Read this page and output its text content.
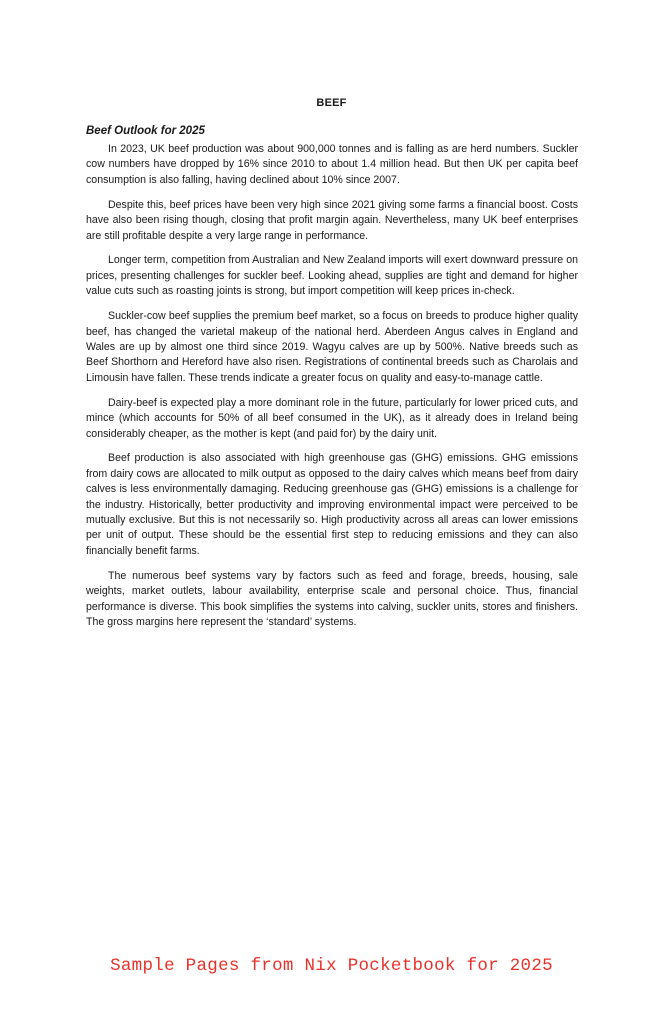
BEEF
Beef Outlook for 2025

In 2023, UK beef production was about 900,000 tonnes and is falling as are herd numbers. Suckler cow numbers have dropped by 16% since 2010 to about 1.4 million head. But then UK per capita beef consumption is also falling, having declined about 10% since 2007.

Despite this, beef prices have been very high since 2021 giving some farms a financial boost. Costs have also been rising though, closing that profit margin again. Nevertheless, many UK beef enterprises are still profitable despite a very large range in performance.

Longer term, competition from Australian and New Zealand imports will exert downward pressure on prices, presenting challenges for suckler beef. Looking ahead, supplies are tight and demand for higher value cuts such as roasting joints is strong, but import competition will keep prices in-check.

Suckler-cow beef supplies the premium beef market, so a focus on breeds to produce higher quality beef, has changed the varietal makeup of the national herd. Aberdeen Angus calves in England and Wales are up by almost one third since 2019. Wagyu calves are up by 500%. Native breeds such as Beef Shorthorn and Hereford have also risen. Registrations of continental breeds such as Charolais and Limousin have fallen. These trends indicate a greater focus on quality and easy-to-manage cattle.

Dairy-beef is expected play a more dominant role in the future, particularly for lower priced cuts, and mince (which accounts for 50% of all beef consumed in the UK), as it already does in Ireland being considerably cheaper, as the mother is kept (and paid for) by the dairy unit.

Beef production is also associated with high greenhouse gas (GHG) emissions. GHG emissions from dairy cows are allocated to milk output as opposed to the dairy calves which means beef from dairy calves is less environmentally damaging. Reducing greenhouse gas (GHG) emissions is a challenge for the industry. Historically, better productivity and improving environmental impact were perceived to be mutually exclusive. But this is not necessarily so. High productivity across all areas can lower emissions per unit of output. These should be the essential first step to reducing emissions and they can also financially benefit farms.

The numerous beef systems vary by factors such as feed and forage, breeds, housing, sale weights, market outlets, labour availability, enterprise scale and personal choice. Thus, financial performance is diverse. This book simplifies the systems into calving, suckler units, stores and finishers. The gross margins here represent the ‘standard’ systems.

Sample Pages from Nix Pocketbook for 2025
